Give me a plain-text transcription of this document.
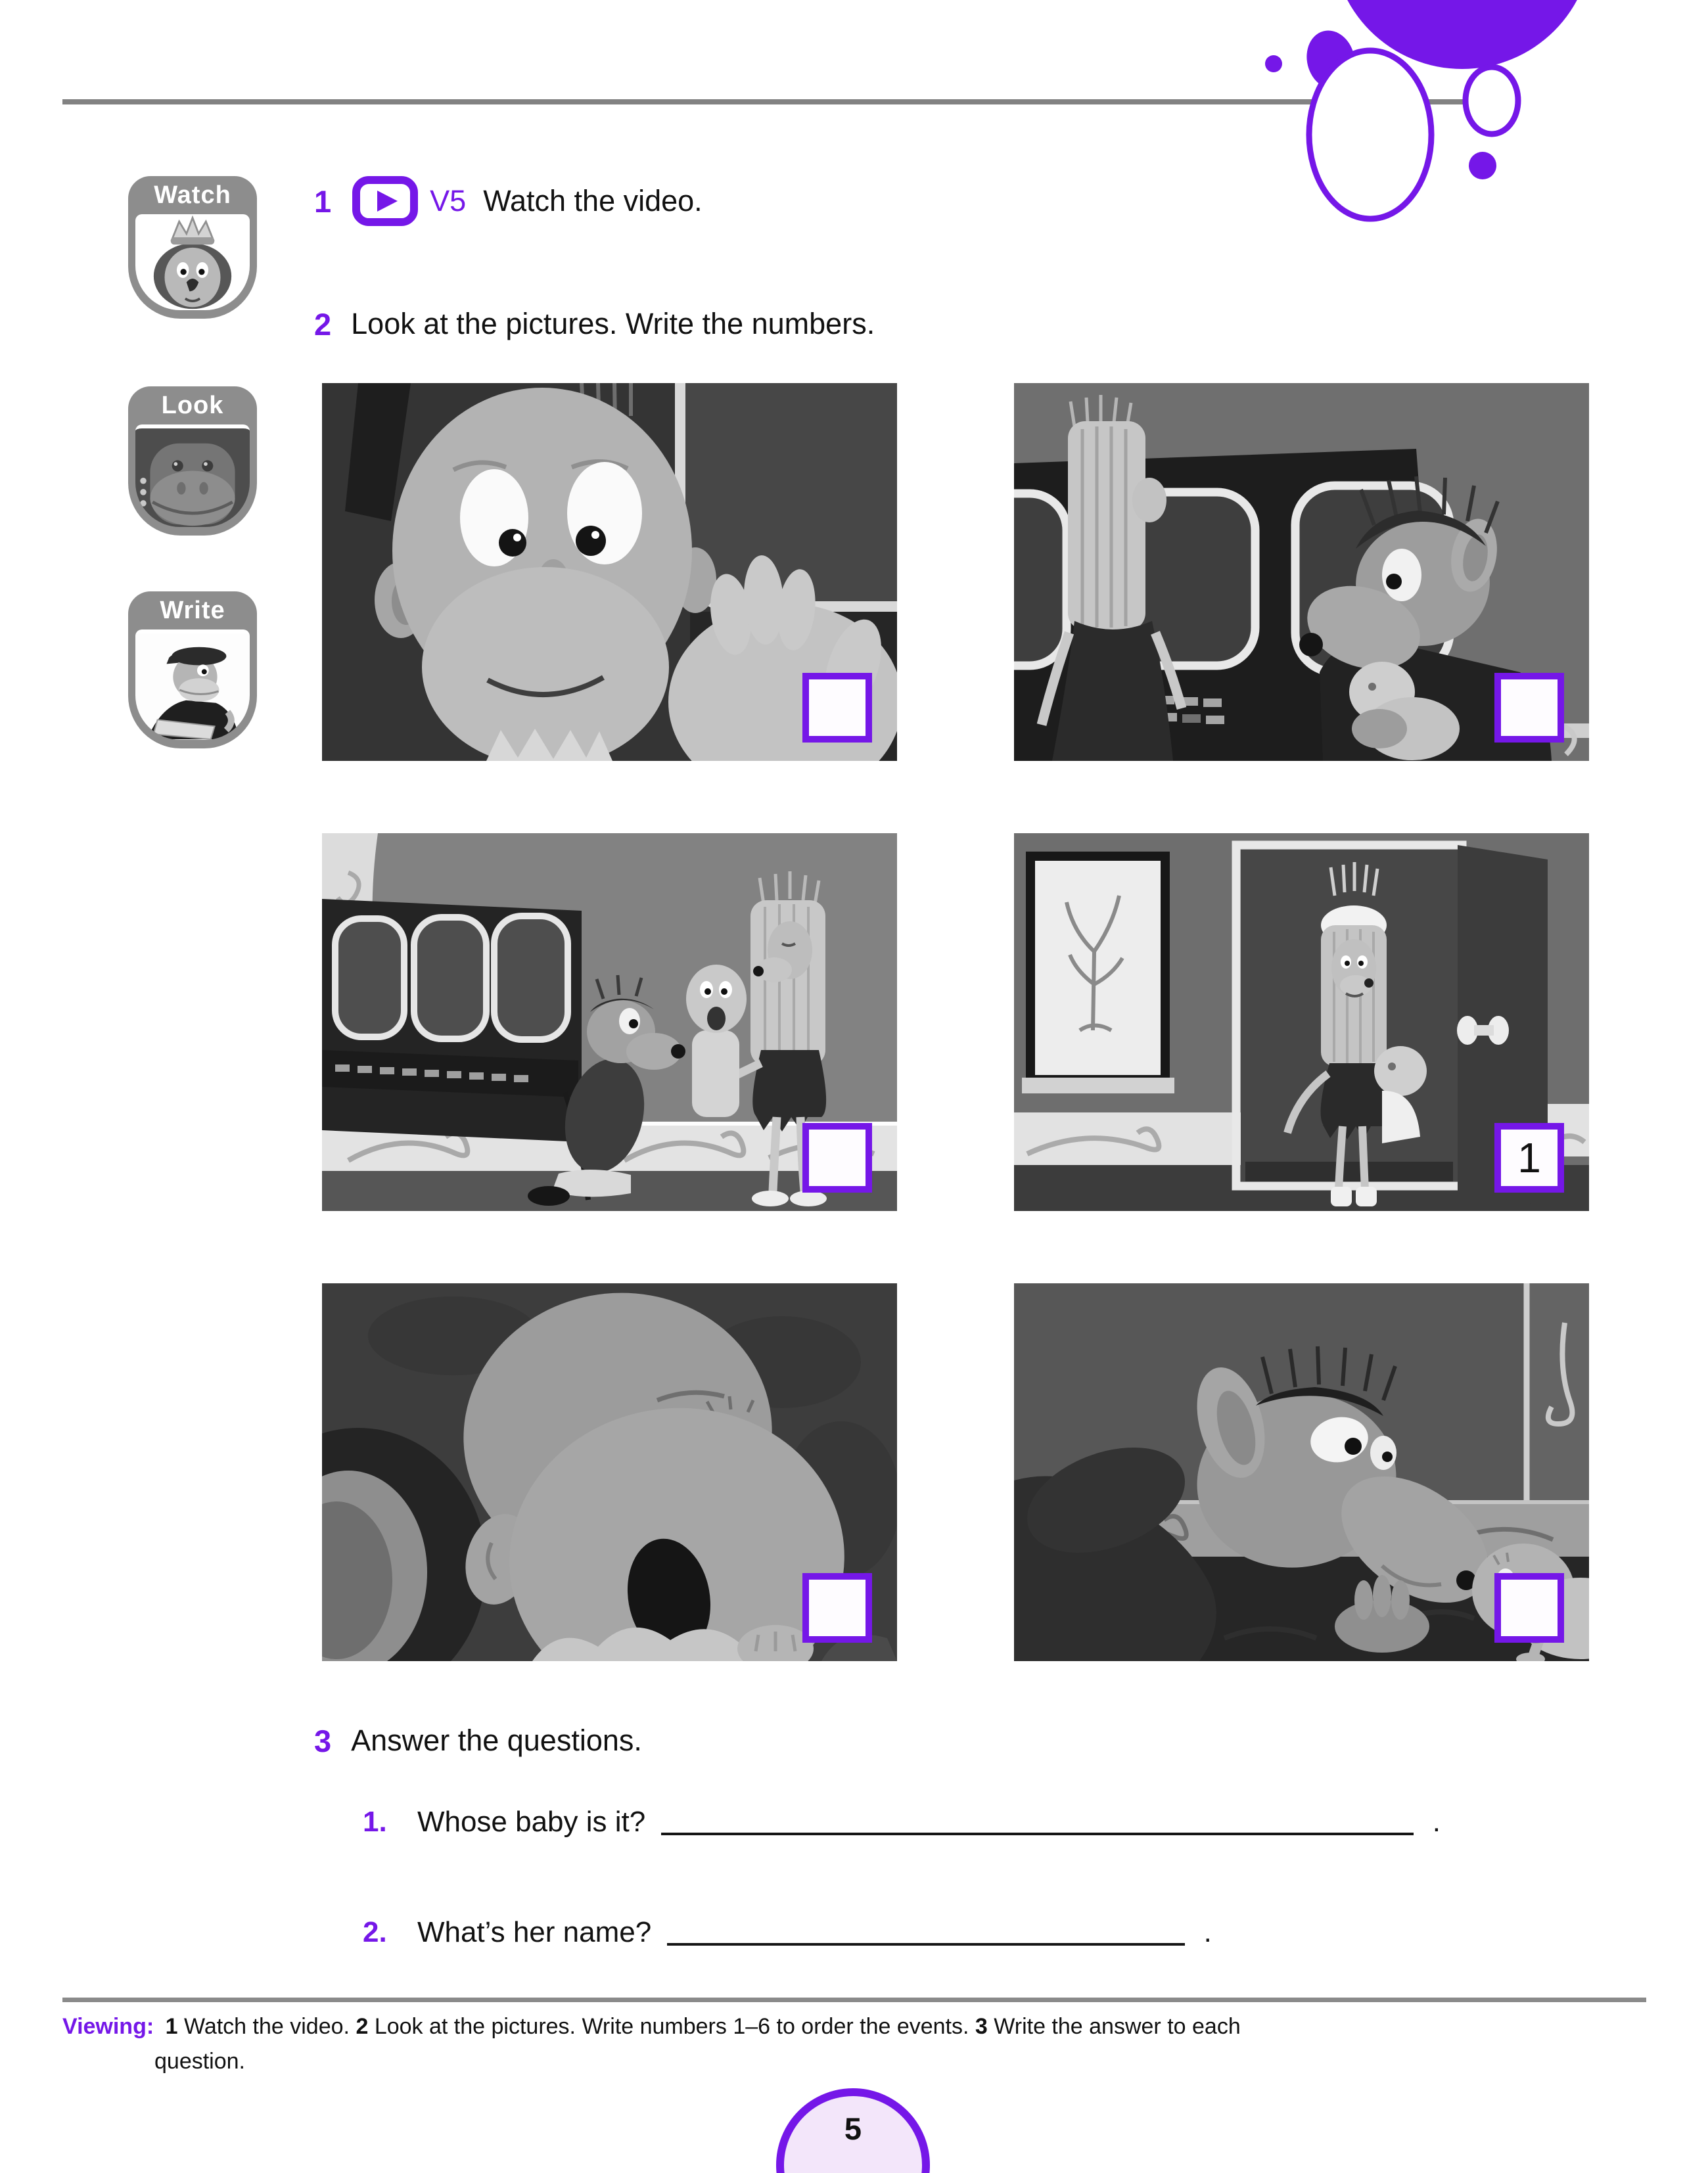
Watch
Look
Write
1	V5 Watch the video.
2 Look at the pictures. Write the numbers.
1
3 Answer the questions.
1. Whose baby is it?	.
2. What’s her name?	.
Viewing: 1 Watch the video. 2 Look at the pictures. Write numbers 1–6 to order the events. 3 Write the answer to each
question.
5
